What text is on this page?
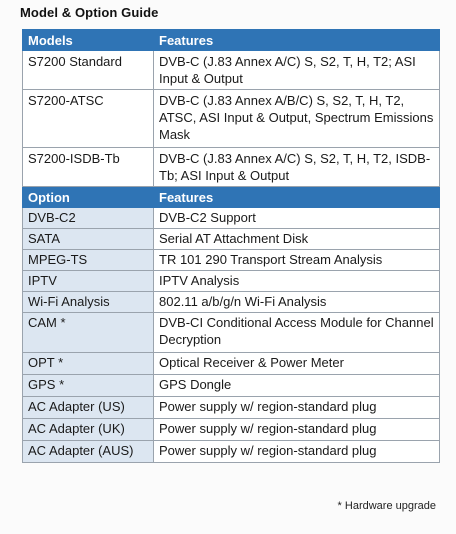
Model & Option Guide
Models	Features
S7200 Standard	DVB-C (J.83 Annex A/C) S, S2, T, H, T2; ASI Input & Output
S7200-ATSC	DVB-C (J.83 Annex A/B/C) S, S2, T, H, T2, ATSC, ASI Input & Output, Spectrum Emissions Mask
S7200-ISDB-Tb	DVB-C (J.83 Annex A/C) S, S2, T, H, T2, ISDB-Tb; ASI Input & Output
Option	Features
DVB-C2	DVB-C2 Support
SATA	Serial AT Attachment Disk
MPEG-TS	TR 101 290 Transport Stream Analysis
IPTV	IPTV Analysis
Wi-Fi Analysis	802.11 a/b/g/n Wi-Fi Analysis
CAM *	DVB-CI Conditional Access Module for Channel Decryption
OPT *	Optical Receiver & Power Meter
GPS *	GPS Dongle
AC Adapter (US)	Power supply w/ region-standard plug
AC Adapter (UK)	Power supply w/ region-standard plug
AC Adapter (AUS)	Power supply w/ region-standard plug
* Hardware upgrade
